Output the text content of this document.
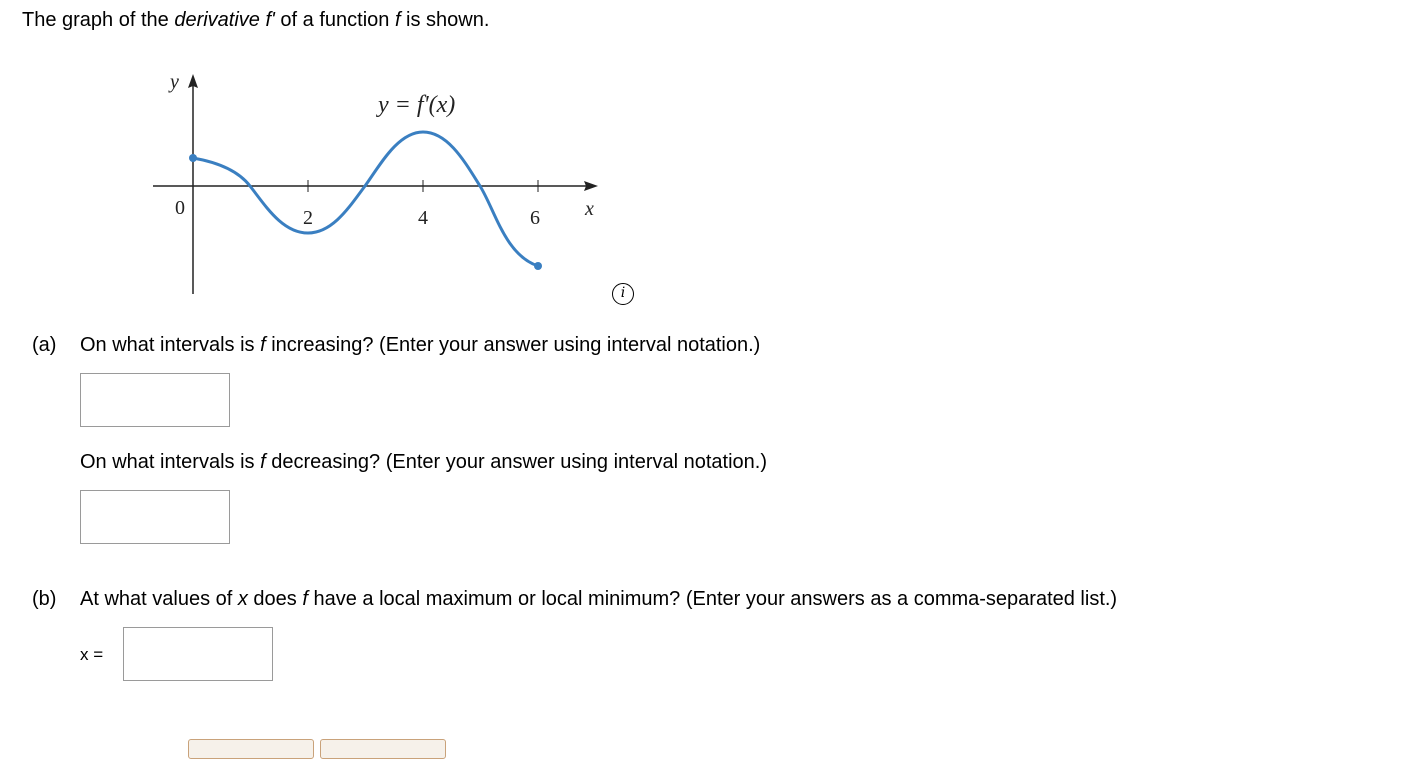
The graph of the derivative f' of a function f is shown.
y
x
0	2	4	6
y = f'(x)
i
(a) On what intervals is f increasing? (Enter your answer using interval notation.)
On what intervals is f decreasing? (Enter your answer using interval notation.)
(b) At what values of x does f have a local maximum or local minimum? (Enter your answers as a comma-separated list.)
x =
